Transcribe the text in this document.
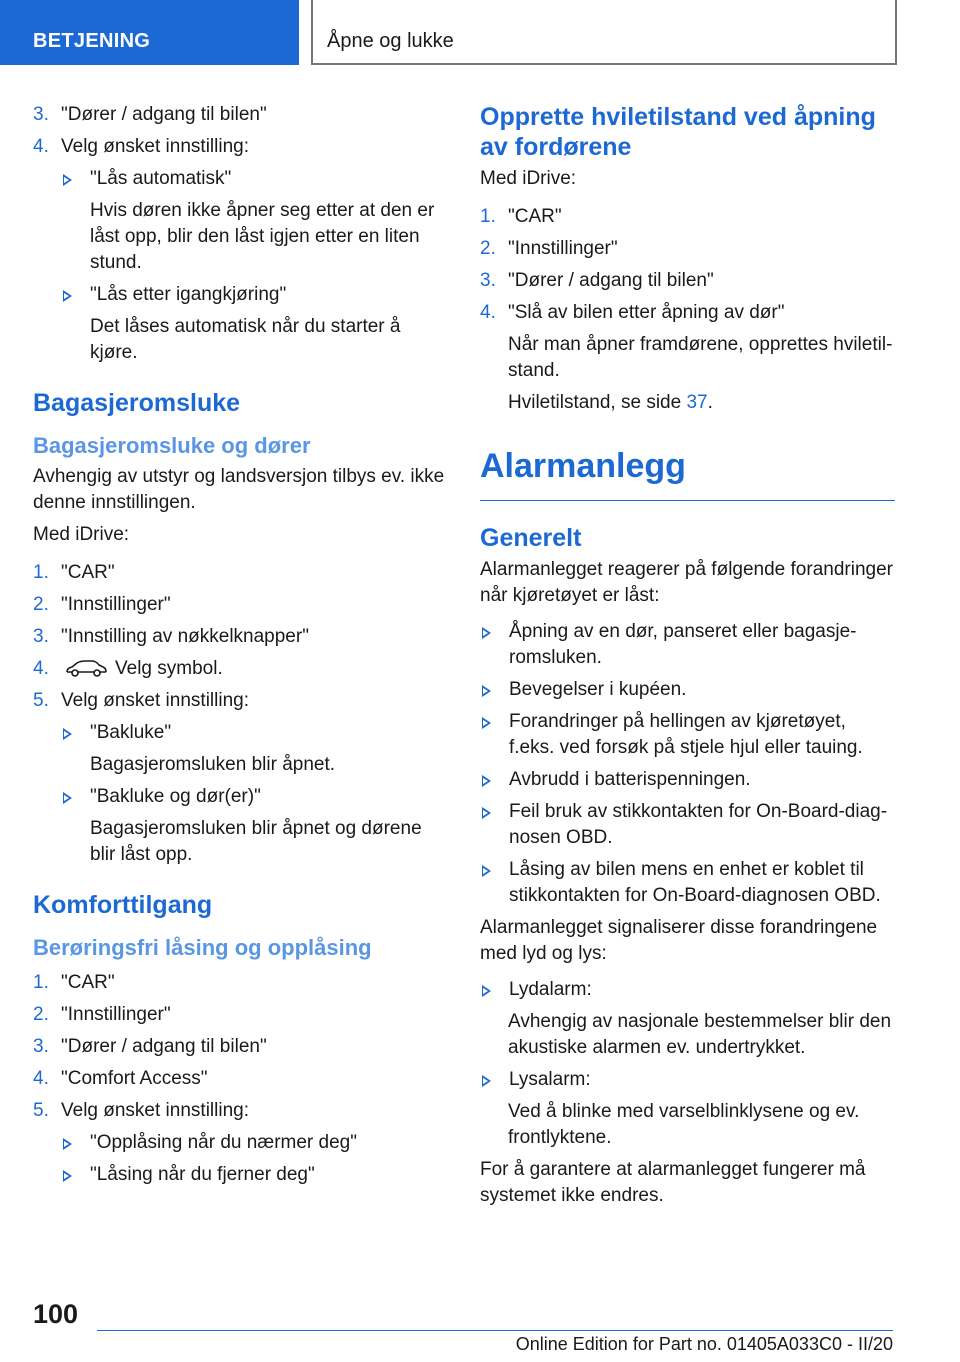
BETJENING	Åpne og lukke
3. "Dører / adgang til bilen"
4. Velg ønsket innstilling:
"Lås automatisk"
Hvis døren ikke åpner seg etter at den er låst opp, blir den låst igjen etter en liten stund.
"Lås etter igangkjøring"
Det låses automatisk når du starter å kjøre.
Bagasjeromsluke
Bagasjeromsluke og dører
Avhengig av utstyr og landsversjon tilbys ev. ikke denne innstillingen.
Med iDrive:
1. "CAR"
2. "Innstillinger"
3. "Innstilling av nøkkelknapper"
4.	Velg symbol.
5. Velg ønsket innstilling:
"Bakluke"
Bagasjeromsluken blir åpnet.
"Bakluke og dør(er)"
Bagasjeromsluken blir åpnet og dørene blir låst opp.
Komforttilgang
Berøringsfri låsing og opplåsing
1. "CAR"
2. "Innstillinger"
3. "Dører / adgang til bilen"
4. "Comfort Access"
5. Velg ønsket innstilling:
"Opplåsing når du nærmer deg"
"Låsing når du fjerner deg"
Opprette hviletilstand ved åpning av fordørene
Med iDrive:
1. "CAR"
2. "Innstillinger"
3. "Dører / adgang til bilen"
4. "Slå av bilen etter åpning av dør"
Når man åpner framdørene, opprettes hviletilstand.
Hviletilstand, se side 37.
Alarmanlegg
Generelt
Alarmanlegget reagerer på følgende forandringer når kjøretøyet er låst:
Åpning av en dør, panseret eller bagasjeromsluken.
Bevegelser i kupéen.
Forandringer på hellingen av kjøretøyet, f.eks. ved forsøk på stjele hjul eller tauing.
Avbrudd i batterispenningen.
Feil bruk av stikkontakten for On-Board-diagnosen OBD.
Låsing av bilen mens en enhet er koblet til stikkontakten for On-Board-diagnosen OBD.
Alarmanlegget signaliserer disse forandringene med lyd og lys:
Lydalarm:
Avhengig av nasjonale bestemmelser blir den akustiske alarmen ev. undertrykket.
Lysalarm:
Ved å blinke med varselblinklysene og ev. frontlyktene.
For å garantere at alarmanlegget fungerer må systemet ikke endres.
100
Online Edition for Part no. 01405A033C0 - II/20
